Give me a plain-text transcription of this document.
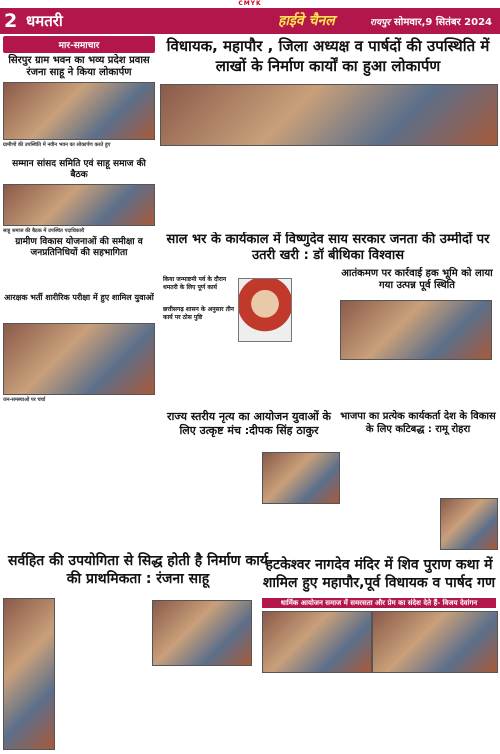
CMYK
2 धमतरी	हाईवे चैनल	रायपुर सोमवार,9 सितंबर 2024
मार-समाचार
सिरपुर ग्राम भवन का भव्य प्रदेश प्रवास रंजना साहू ने किया लोकार्पण
ग्रामीणों की उपस्थिति में नवीन भवन का लोकार्पण करते हुए

सम्मान सांसद समिति एवं साहू समाज की बैठक
साहू समाज की बैठक में उपस्थित पदाधिकारी
ग्रामीण विकास योजनाओं की समीक्षा व जनप्रतिनिधियों की सहभागिता
आरक्षक भर्ती शारीरिक परीक्षा में हुए शामिल युवाओं
जन-समस्याओं पर चर्चा
सर्वहित की उपयोगिता से सिद्ध होती है निर्माण कार्य की प्राथमिकता : रंजना साहू
विधायक, महापौर , जिला अध्यक्ष व पार्षदों की उपस्थिति में लाखों के निर्माण कार्यों का हुआ लोकार्पण
साल भर के कार्यकाल में विष्णुदेव साय सरकार जनता की उम्मीदों पर उतरी खरी : डॉ बीथिका विश्वास
किया जन्माष्टमी पर्व के दौरान धमतरी के लिए पूर्ण कार्य
छत्तीसगढ़ शासन के अनुसार तीन कार्य पर ठोस पुष्टि
आतंकमण पर कार्रवाई हक भूमि को लाया गया उत्पन्न पूर्व स्थिति
राज्य स्तरीय नृत्य का आयोजन युवाओं के लिए उत्कृष्ट मंच :दीपक सिंह ठाकुर
भाजपा का प्रत्येक कार्यकर्ता देश के विकास के लिए कटिबद्ध : रामू रोहरा
हटकेश्वर नागदेव मंदिर में शिव पुराण कथा में शामिल हुए महापौर,पूर्व विधायक व पार्षद गण
धार्मिक आयोजन समाज में समरसता और प्रेम का संदेश देते हैं- विजय देवांगन
